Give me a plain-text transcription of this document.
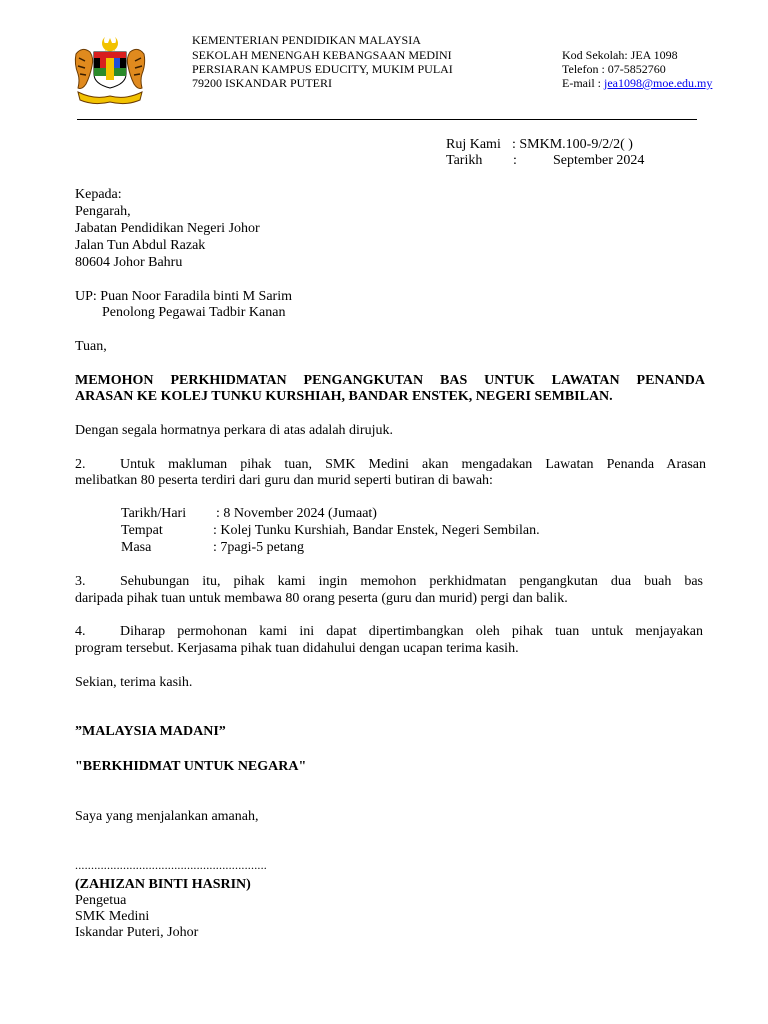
KEMENTERIAN PENDIDIKAN MALAYSIA
SEKOLAH MENENGAH KEBANGSAAN MEDINI
PERSIARAN KAMPUS EDUCITY, MUKIM PULAI
79200 ISKANDAR PUTERI
Kod Sekolah: JEA 1098
Telefon : 07-5852760
E-mail : jea1098@moe.edu.my
Ruj Kami : SMKM.100-9/2/2( )
Tarikh :	September 2024
Kepada:
Pengarah,
Jabatan Pendidikan Negeri Johor
Jalan Tun Abdul Razak
80604 Johor Bahru
UP: Puan Noor Faradila binti M Sarim
Penolong Pegawai Tadbir Kanan
Tuan,
MEMOHON PERKHIDMATAN PENGANGKUTAN BAS UNTUK LAWATAN PENANDA
ARASAN KE KOLEJ TUNKU KURSHIAH, BANDAR ENSTEK, NEGERI SEMBILAN.
Dengan segala hormatnya perkara di atas adalah dirujuk.
2. Untuk makluman pihak tuan, SMK Medini akan mengadakan Lawatan Penanda Arasan
melibatkan 80 peserta terdiri dari guru dan murid seperti butiran di bawah:
Tarikh/Hari : 8 November 2024 (Jumaat)
Tempat	: Kolej Tunku Kurshiah, Bandar Enstek, Negeri Sembilan.
Masa	: 7pagi-5 petang
3. Sehubungan itu, pihak kami ingin memohon perkhidmatan pengangkutan dua buah bas
daripada pihak tuan untuk membawa 80 orang peserta (guru dan murid) pergi dan balik.
4. Diharap permohonan kami ini dapat dipertimbangkan oleh pihak tuan untuk menjayakan
program tersebut. Kerjasama pihak tuan didahului dengan ucapan terima kasih.
Sekian, terima kasih.
”MALAYSIA MADANI”
"BERKHIDMAT UNTUK NEGARA"
Saya yang menjalankan amanah,
............................................................
(ZAHIZAN BINTI HASRIN)
Pengetua
SMK Medini
Iskandar Puteri, Johor
